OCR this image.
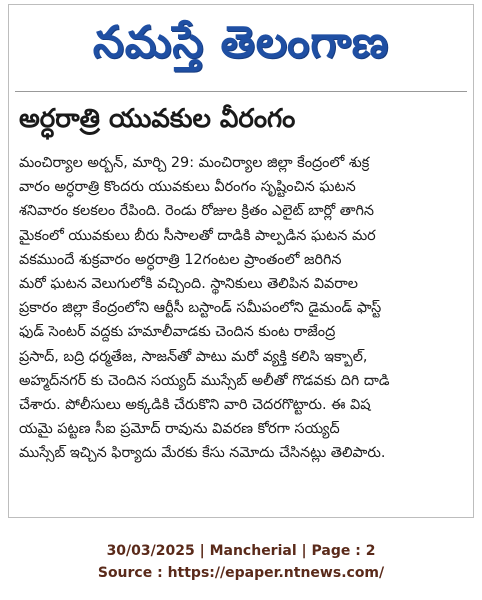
నమస్తే తెలంగాణ
అర్ధరాత్రి యువకుల వీరంగం
మంచిర్యాల అర్బన్, మార్చి 29: మంచిర్యాల జిల్లా కేంద్రంలో శుక్ర
వారం అర్ధరాత్రి కొందరు యువకులు వీరంగం సృష్టించిన ఘటన
శనివారం కలకలం రేపింది. రెండు రోజుల క్రితం ఎలైట్ బార్లో తాగిన
మైకంలో యువకులు బీరు సీసాలతో దాడికి పాల్పడిన ఘటన మర
వకముందే శుక్రవారం అర్ధరాత్రి 12గంటల ప్రాంతంలో జరిగిన
మరో ఘటన వెలుగులోకి వచ్చింది. స్థానికులు తెలిపిన వివరాల
ప్రకారం జిల్లా కేంద్రంలోని ఆర్టీసీ బస్టాండ్ సమీపంలోని డైమండ్ ఫాస్ట్
ఫుడ్ సెంటర్ వద్దకు హమాలీవాడకు చెందిన కుంట రాజేంద్ర
ప్రసాద్, బద్రి ధర్మతేజ, సాజన్‌తో పాటు మరో వ్యక్తి కలిసి ఇక్బాల్,
అహ్మద్‌నగర్ కు చెందిన సయ్యద్ ముస్సేబ్ అలీతో గొడవకు దిగి దాడి
చేశారు. పోలీసులు అక్కడికి చేరుకొని వారి చెదరగొట్టారు. ఈ విష
యమై పట్టణ సీఐ ప్రమోద్ రావును వివరణ కోరగా సయ్యద్
ముస్సేబ్ ఇచ్చిన ఫిర్యాదు మేరకు కేసు నమోదు చేసినట్లు తెలిపారు.
30/03/2025 | Mancherial | Page : 2
Source : https://epaper.ntnews.com/
